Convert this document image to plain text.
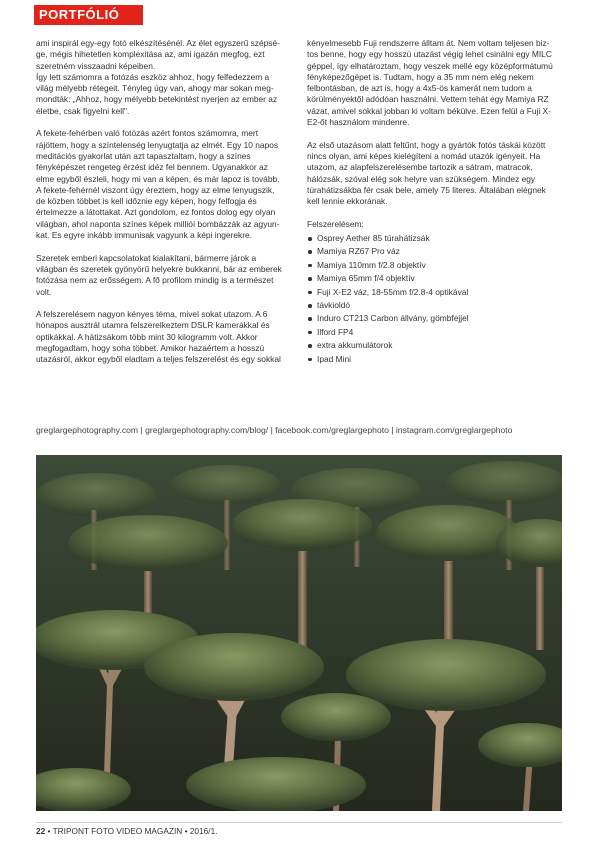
PORTFÓLIÓ

ami inspirál egy-egy fotó elkészítésénél. Az élet egyszerű szépsé- ge, mégis hihetetlen komplexitása az, ami igazán megfog, ezt szeretném visszaadni képeiben.

Így lett számomra a fotózás eszköz ahhoz, hogy felfedezzem a világ mélyebb rétegeit. Tényleg úgy van, ahogy mar sokan meg- mondták: „Ahhoz, hogy mélyebb betekintést nyerjen az ember az életbe, csak figyelni kell".

A fekete-fehérben való fotózás azért fontos számomra, mert rájöttem, hogy a színtelenség lenyugtatja az elmét. Egy 10 napos meditációs gyakorlat után azt tapasztaltam, hogy a színes fényképészet rengeteg érzést idéz fel bennem. Ugyanakkor az elme egyből észleli, hogy mi van a képen, és már lapoz is tovább. A fekete-fehérnél viszont úgy éreztem, hogy az elme lenyugszik, de közben többet is kell időznie egy képen, hogy felfogja és értelmezze a látottakat. Azt gondolom, ez fontos dolog egy olyan világban, ahol naponta színes képek millióí bombázzák az agyun- kat. Es egyre inkább immunisak vagyunk a képi ingerekre.

Szeretek emberi kapcsolatokat kialakítani, bármerre járok a világban és szeretek gyönyörű helyekre bukkanni, bár az emberek fotózása nem az erősségem. A fő profilom mindig is a természet volt.

A felszerelésem nagyon kényes téma, mivel sokat utazom. A 6 hónapos ausztrál utamra felszerelkeztem DSLR kamerákkal és optikákkal. A hátizsákom több mint 30 kilogramm volt. Akkor megfogadtam, hogy soha többet. Amikor hazaértem a hosszú utazásról, akkor egyből eladtam a teljes felszerelést és egy sokkal

kényelmesebb Fuji rendszerre álltam át. Nem voltam teljesen biz- tos benne, hogy egy hosszú utazást végig lehet csinálni egy MILC géppel, így elhatároztam, hogy veszek mellé egy középformátumú fényképezőgépet is. Tudtam, hogy a 35 mm nem elég nekem felbontásban, de azt is, hogy a 4x5-ös kamerát nem tudom a körülményektől adódóan használni. Vettem tehát egy Mamiya RZ vázat, amivel sokkal jobban ki voltam békülve. Ezen felül a Fuji X-E2-őt használom mindenre.

Az első utazásom alatt feltűnt, hogy a gyártók fotós táskái között nincs olyan, ami képes kielégíteni a nomád utazók igényeit. Ha utazom, az alapfelszerelésembe tartozik a sátram, matracok, hálózsák, szóval elég sok helyre van szükségem. Mindez egy túrahátizsákba fér csak bele, amely 75 literes. Általában elégnek kell lennie ekkorának.

Felszerelésem:

Osprey Aether 85 túrahátizsák
Mamiya RZ67 Pro váz
Mamiya 110mm f/2.8 objektív
Mamiya 65mm f/4 objektív
Fuji X-E2 váz, 18-55mm f/2.8-4 optikával
távkioldó
Induro CT213 Carbon állvány, gömbfejjel
Ilford FP4
extra akkumulátorok
Ipad Mini
greglargephotography.com | greglargephotography.com/blog/ | facebook.com/greglargephoto | instagram.com/greglargephoto
22 • TRIPONT FOTO VIDEO MAGAZIN • 2016/1.
